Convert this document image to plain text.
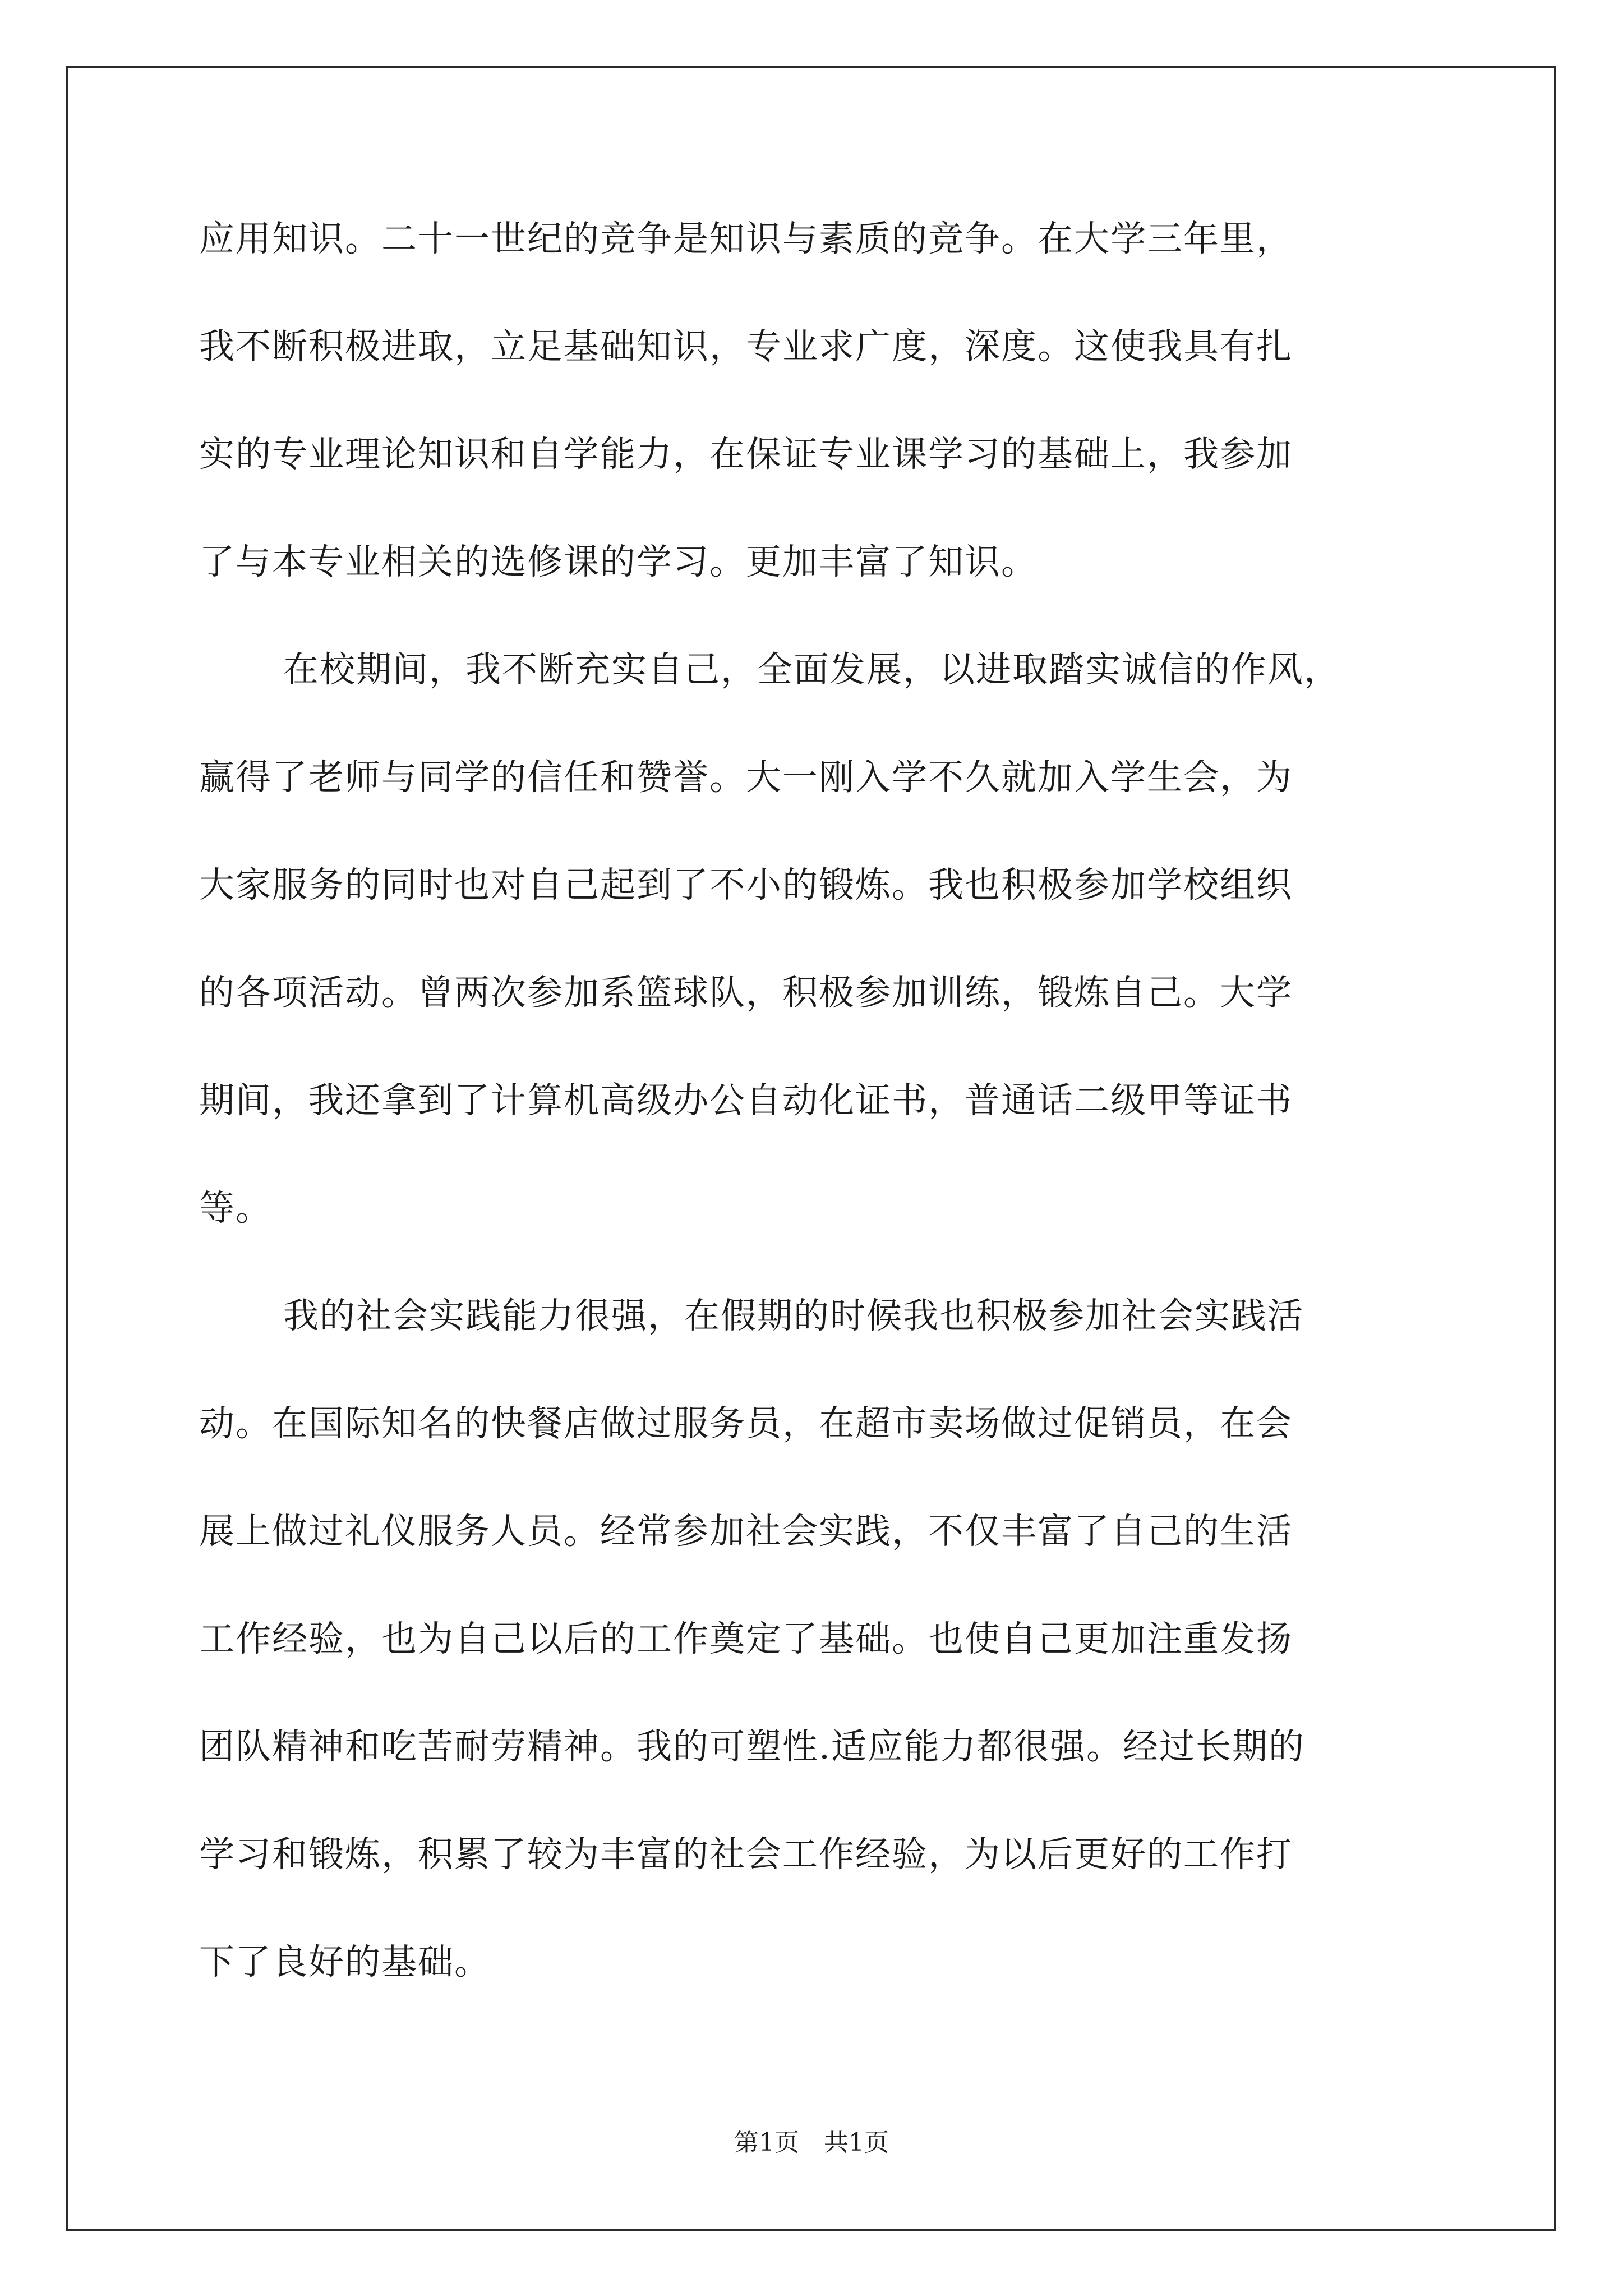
应用知识。二十一世纪的竞争是知识与素质的竞争。在大学三年里，
我不断积极进取，立足基础知识，专业求广度，深度。这使我具有扎
实的专业理论知识和自学能力，在保证专业课学习的基础上，我参加
了与本专业相关的选修课的学习。更加丰富了知识。
在校期间，我不断充实自己，全面发展，以进取踏实诚信的作风，
赢得了老师与同学的信任和赞誉。大一刚入学不久就加入学生会，为
大家服务的同时也对自己起到了不小的锻炼。我也积极参加学校组织
的各项活动。曾两次参加系篮球队，积极参加训练，锻炼自己。大学
期间，我还拿到了计算机高级办公自动化证书，普通话二级甲等证书
等。
我的社会实践能力很强，在假期的时候我也积极参加社会实践活
动。在国际知名的快餐店做过服务员，在超市卖场做过促销员，在会
展上做过礼仪服务人员。经常参加社会实践，不仅丰富了自己的生活
工作经验，也为自己以后的工作奠定了基础。也使自己更加注重发扬
团队精神和吃苦耐劳精神。我的可塑性.适应能力都很强。经过长期的
学习和锻炼，积累了较为丰富的社会工作经验，为以后更好的工作打
下了良好的基础。
第1页 共1页
